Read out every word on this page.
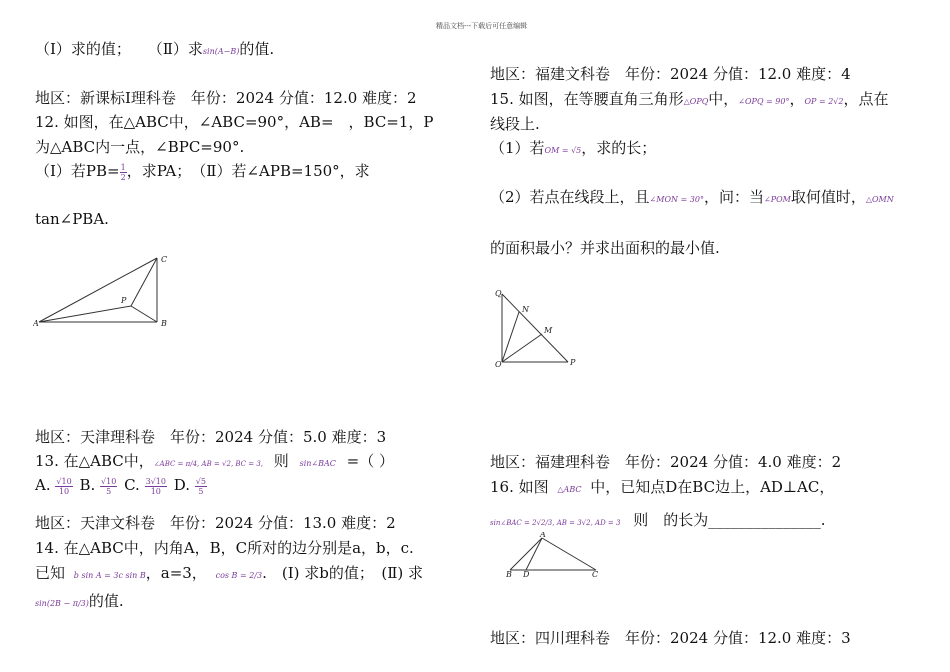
精品文档---下载后可任意编辑
（Ⅰ）求的值； （Ⅱ）求sin(A−B)的值.
地区：新课标Ⅰ理科卷　年份：2024 分值：12.0 难度：2
12. 如图，在△ABC中，∠ABC=90°，AB=　，BC=1，P
为△ABC内一点，∠BPC=90°.
（Ⅰ）若$PB= \frac{1}{2}$ ，求PA；　（Ⅱ）若∠APB=150°，求
tan∠PBA.
A	B
C
P
地区：天津理科卷　年份：2024 分值：5.0 难度：3
13. 在△ABC中，∠ABC = π/4, AB = √2, BC = 3, 则 sin∠BAC =（ ）
A. $\frac{√10}{10} B$. $\frac{√10}{5} C$. $\frac{3√10}{10} D$. $\frac{√5}{5}$
地区：天津文科卷　年份：2024 分值：13.0 难度：2
14. 在△ABC中，内角A，B，C所对的边分别是a，b，c.
已知 b sin A = 3c sin B，a=3， cos B = 2/3.　(Ⅰ) 求b的值；　(Ⅱ) 求
sin(2B − π/3)的值.
地区：福建文科卷　年份：2024 分值：12.0 难度：4
15. 如图，在等腰直角三角形△OPQ中，∠OPQ = 90°，OP = 2√2，点在
线段上.
（1）若OM = √5，求的长；
（2）若点在线段上，且∠MON = 30°，问：当∠POM取何值时，△OMN
的面积最小？并求出面积的最小值.
Q
N
M
O	P
地区：福建理科卷　年份：2024 分值：4.0 难度：2
16. 如图 △ABC 中，已知点D在BC边上，AD⊥AC，
sin∠BAC = 2√2/3, AB = 3√2, AD = 3 则　的长为_______________.
A
B D	C
地区：四川理科卷　年份：2024 分值：12.0 难度：3
